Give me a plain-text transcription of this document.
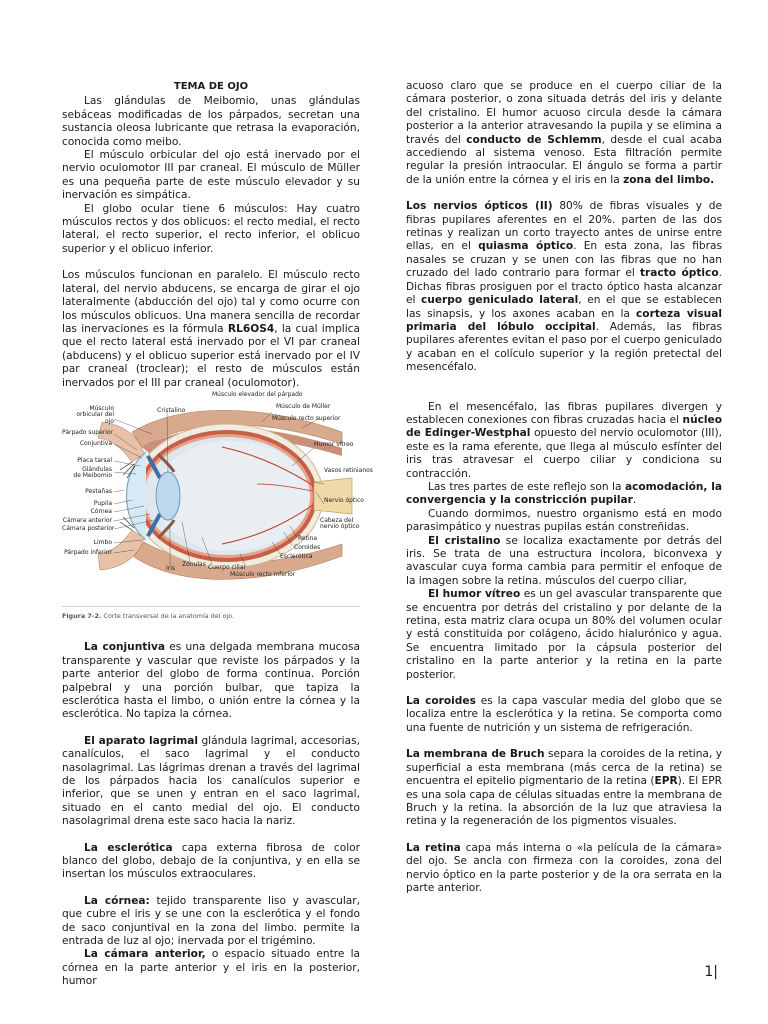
TEMA DE OJO

Las glándulas de Meibomio, unas glándulas sebáceas modificadas de los párpados, secretan una sustancia oleosa lubricante que retrasa la evaporación, conocida como meibo.

El músculo orbicular del ojo está inervado por el nervio oculomotor III par craneal. El músculo de Müller es una pequeña parte de este músculo elevador y su inervación es simpática.

El globo ocular tiene 6 músculos: Hay cuatro músculos rectos y dos oblicuos: el recto medial, el recto lateral, el recto superior, el recto inferior, el oblicuo superior y el oblicuo inferior.

Los músculos funcionan en paralelo. El músculo recto lateral, del nervio abducens, se encarga de girar el ojo lateralmente (abducción del ojo) tal y como ocurre con los músculos oblicuos. Una manera sencilla de recordar las inervaciones es la fórmula RL6OS4, la cual implica que el recto lateral está inervado por el VI par craneal (abducens) y el oblicuo superior está inervado por el IV par craneal (troclear); el resto de músculos están inervados por el III par craneal (oculomotor).

Músculo elevador del párpado
Músculo de Müller
Músculo
orbicular del ojo
Cristalino
Músculo recto superior
Párpado superior
Conjuntiva	Humor vítreo
Placa tarsal
Glándulas
de Meibomio
Vasos retinianos
Pestañas
Nervio óptico
Pupila
Córnea
Cámara anterior	Cabeza del
nervio óptico
Cámara posterior
Retina
Limbo
Coroides
Párpado inferior
Esclerótica
Iris
Zónulas Cuerpo ciliar
Músculo recto inferior
Figura 7-2. Corte transversal de la anatomía del ojo.

La conjuntiva es una delgada membrana mucosa transparente y vascular que reviste los párpados y la parte anterior del globo de forma continua. Porción palpebral y una porción bulbar, que tapiza la esclerótica hasta el limbo, o unión entre la córnea y la esclerótica. No tapiza la córnea.

El aparato lagrimal glándula lagrimal, accesorias, canalículos, el saco lagrimal y el conducto nasolagrimal. Las lágrimas drenan a través del lagrimal de los párpados hacia los canalículos superior e inferior, que se unen y entran en el saco lagrimal, situado en el canto medial del ojo. El conducto nasolagrimal drena este saco hacia la nariz.

La esclerótica capa externa fibrosa de color blanco del globo, debajo de la conjuntiva, y en ella se insertan los músculos extraoculares.

La córnea: tejido transparente liso y avascular, que cubre el iris y se une con la esclerótica y el fondo de saco conjuntival en la zona del limbo. permite la entrada de luz al ojo; inervada por el trigémino.

La cámara anterior, o espacio situado entre la córnea en la parte anterior y el iris en la posterior, humor

acuoso claro que se produce en el cuerpo ciliar de la cámara posterior, o zona situada detrás del iris y delante del cristalino. El humor acuoso circula desde la cámara posterior a la anterior atravesando la pupila y se elimina a través del conducto de Schlemm, desde el cual acaba accediendo al sistema venoso. Esta filtración permite regular la presión intraocular. El ángulo se forma a partir de la unión entre la córnea y el iris en la zona del limbo.

Los nervios ópticos (II) 80% de fibras visuales y de fibras pupilares aferentes en el 20%. parten de las dos retinas y realizan un corto trayecto antes de unirse entre ellas, en el quiasma óptico. En esta zona, las fibras nasales se cruzan y se unen con las fibras que no han cruzado del lado contrario para formar el tracto óptico. Dichas fibras prosiguen por el tracto óptico hasta alcanzar el cuerpo geniculado lateral, en el que se establecen las sinapsis, y los axones acaban en la corteza visual primaria del lóbulo occipital. Además, las fibras pupilares aferentes evitan el paso por el cuerpo geniculado y acaban en el colículo superior y la región pretectal del mesencéfalo.

En el mesencéfalo, las fibras pupilares divergen y establecen conexiones con fibras cruzadas hacia el núcleo de Edinger-Westphal opuesto del nervio oculomotor (III), este es la rama eferente, que llega al músculo esfínter del iris tras atravesar el cuerpo ciliar y condiciona su contracción.

Las tres partes de este reflejo son la acomodación, la convergencia y la constricción pupilar.

Cuando dormimos, nuestro organismo está en modo parasimpático y nuestras pupilas están constreñidas.

El cristalino se localiza exactamente por detrás del iris. Se trata de una estructura incolora, biconvexa y avascular cuya forma cambia para permitir el enfoque de la imagen sobre la retina. músculos del cuerpo ciliar,

El humor vítreo es un gel avascular transparente que se encuentra por detrás del cristalino y por delante de la retina, esta matriz clara ocupa un 80% del volumen ocular y está constituida por colágeno, ácido hialurónico y agua. Se encuentra limitado por la cápsula posterior del cristalino en la parte anterior y la retina en la parte posterior.

La coroides es la capa vascular media del globo que se localiza entre la esclerótica y la retina. Se comporta como una fuente de nutrición y un sistema de refrigeración.

La membrana de Bruch separa la coroides de la retina, y superficial a esta membrana (más cerca de la retina) se encuentra el epitelio pigmentario de la retina (EPR). El EPR es una sola capa de células situadas entre la membrana de Bruch y la retina. la absorción de la luz que atraviesa la retina y la regeneración de los pigmentos visuales.

La retina capa más interna o «la película de la cámara» del ojo. Se ancla con firmeza con la coroides, zona del nervio óptico en la parte posterior y de la ora serrata en la parte anterior.

1|
